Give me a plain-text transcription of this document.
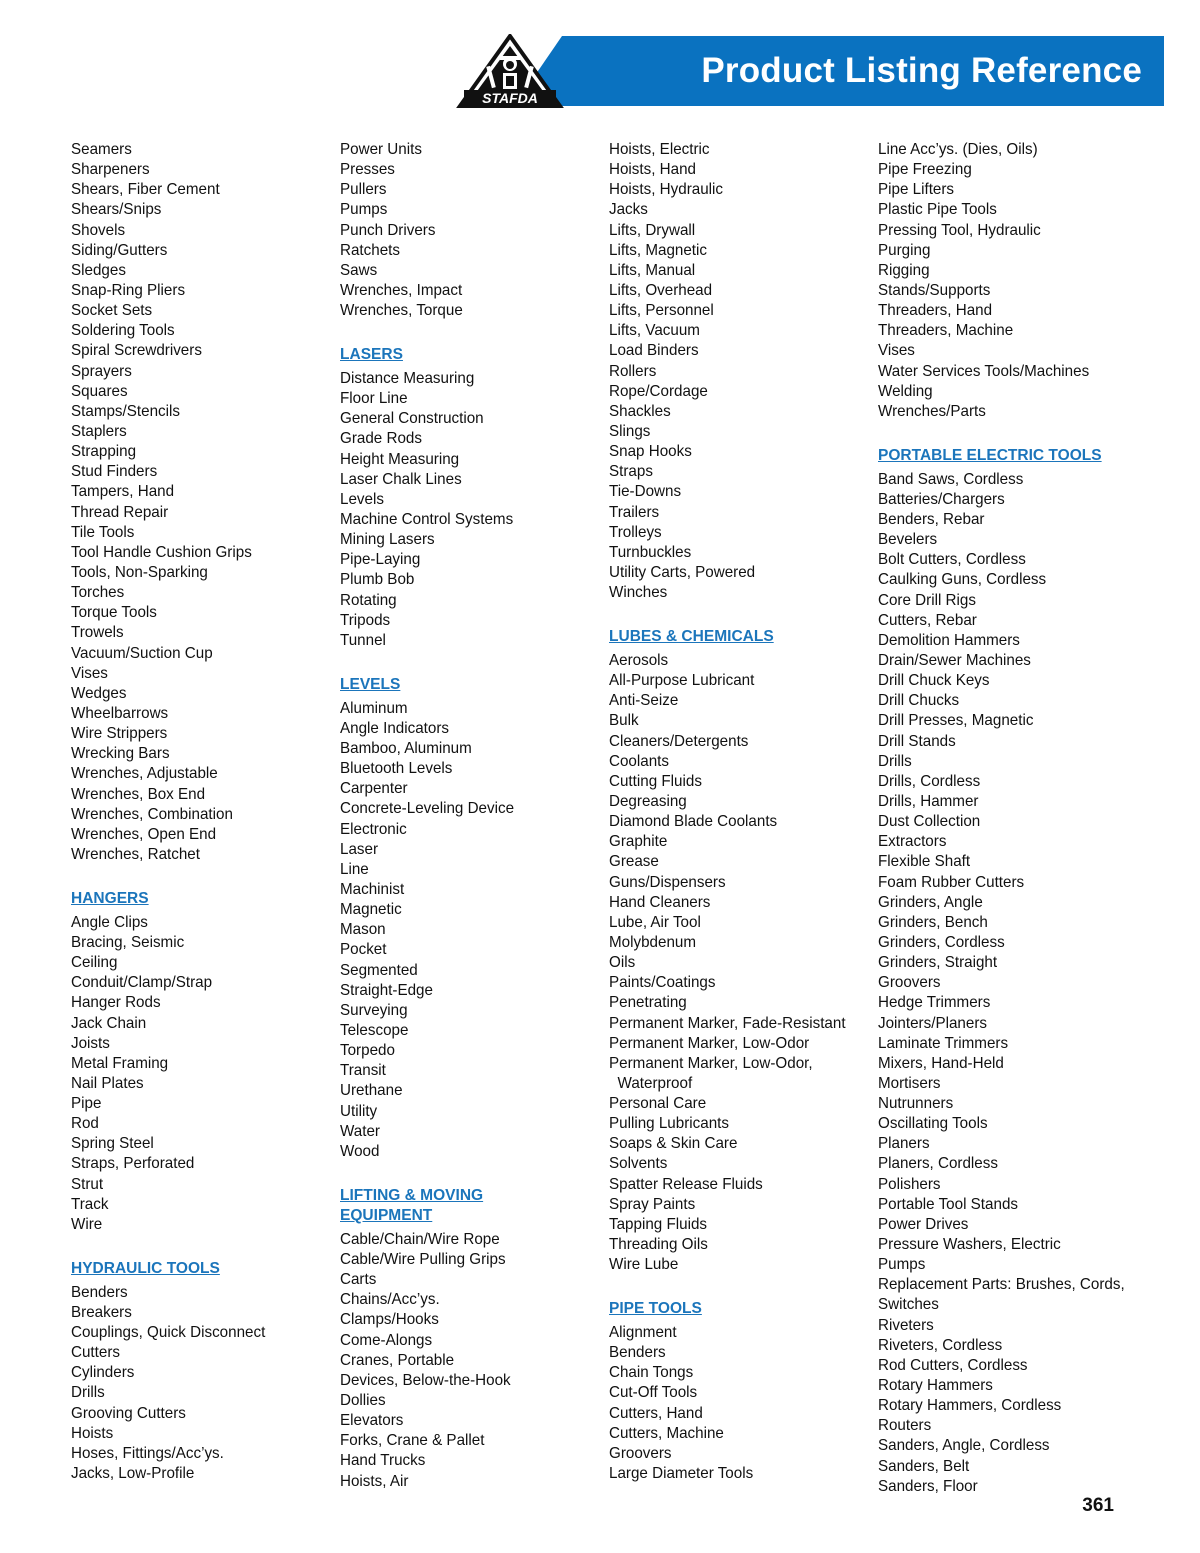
Product Listing Reference
STAFDA
Seamers
Sharpeners
Shears, Fiber Cement
Shears/Snips
Shovels
Siding/Gutters
Sledges
Snap-Ring Pliers
Socket Sets
Soldering Tools
Spiral Screwdrivers
Sprayers
Squares
Stamps/Stencils
Staplers
Strapping
Stud Finders
Tampers, Hand
Thread Repair
Tile Tools
Tool Handle Cushion Grips
Tools, Non-Sparking
Torches
Torque Tools
Trowels
Vacuum/Suction Cup
Vises
Wedges
Wheelbarrows
Wire Strippers
Wrecking Bars
Wrenches, Adjustable
Wrenches, Box End
Wrenches, Combination
Wrenches, Open End
Wrenches, Ratchet
HANGERS
Angle Clips
Bracing, Seismic
Ceiling
Conduit/Clamp/Strap
Hanger Rods
Jack Chain
Joists
Metal Framing
Nail Plates
Pipe
Rod
Spring Steel
Straps, Perforated
Strut
Track
Wire
HYDRAULIC TOOLS
Benders
Breakers
Couplings, Quick Disconnect
Cutters
Cylinders
Drills
Grooving Cutters
Hoists
Hoses, Fittings/Acc’ys.
Jacks, Low-Profile
Power Units
Presses
Pullers
Pumps
Punch Drivers
Ratchets
Saws
Wrenches, Impact
Wrenches, Torque
LASERS
Distance Measuring
Floor Line
General Construction
Grade Rods
Height Measuring
Laser Chalk Lines
Levels
Machine Control Systems
Mining Lasers
Pipe-Laying
Plumb Bob
Rotating
Tripods
Tunnel
LEVELS
Aluminum
Angle Indicators
Bamboo, Aluminum
Bluetooth Levels
Carpenter
Concrete-Leveling Device
Electronic
Laser
Line
Machinist
Magnetic
Mason
Pocket
Segmented
Straight-Edge
Surveying
Telescope
Torpedo
Transit
Urethane
Utility
Water
Wood
LIFTING & MOVING
EQUIPMENT
Cable/Chain/Wire Rope
Cable/Wire Pulling Grips
Carts
Chains/Acc’ys.
Clamps/Hooks
Come-Alongs
Cranes, Portable
Devices, Below-the-Hook
Dollies
Elevators
Forks, Crane & Pallet
Hand Trucks
Hoists, Air
Hoists, Electric
Hoists, Hand
Hoists, Hydraulic
Jacks
Lifts, Drywall
Lifts, Magnetic
Lifts, Manual
Lifts, Overhead
Lifts, Personnel
Lifts, Vacuum
Load Binders
Rollers
Rope/Cordage
Shackles
Slings
Snap Hooks
Straps
Tie-Downs
Trailers
Trolleys
Turnbuckles
Utility Carts, Powered
Winches
LUBES & CHEMICALS
Aerosols
All-Purpose Lubricant
Anti-Seize
Bulk
Cleaners/Detergents
Coolants
Cutting Fluids
Degreasing
Diamond Blade Coolants
Graphite
Grease
Guns/Dispensers
Hand Cleaners
Lube, Air Tool
Molybdenum
Oils
Paints/Coatings
Penetrating
Permanent Marker, Fade-Resistant
Permanent Marker, Low-Odor
Permanent Marker, Low-Odor,
Waterproof
Personal Care
Pulling Lubricants
Soaps & Skin Care
Solvents
Spatter Release Fluids
Spray Paints
Tapping Fluids
Threading Oils
Wire Lube
PIPE TOOLS
Alignment
Benders
Chain Tongs
Cut-Off Tools
Cutters, Hand
Cutters, Machine
Groovers
Large Diameter Tools
Line Acc’ys. (Dies, Oils)
Pipe Freezing
Pipe Lifters
Plastic Pipe Tools
Pressing Tool, Hydraulic
Purging
Rigging
Stands/Supports
Threaders, Hand
Threaders, Machine
Vises
Water Services Tools/Machines
Welding
Wrenches/Parts
PORTABLE ELECTRIC TOOLS
Band Saws, Cordless
Batteries/Chargers
Benders, Rebar
Bevelers
Bolt Cutters, Cordless
Caulking Guns, Cordless
Core Drill Rigs
Cutters, Rebar
Demolition Hammers
Drain/Sewer Machines
Drill Chuck Keys
Drill Chucks
Drill Presses, Magnetic
Drill Stands
Drills
Drills, Cordless
Drills, Hammer
Dust Collection
Extractors
Flexible Shaft
Foam Rubber Cutters
Grinders, Angle
Grinders, Bench
Grinders, Cordless
Grinders, Straight
Groovers
Hedge Trimmers
Jointers/Planers
Laminate Trimmers
Mixers, Hand-Held
Mortisers
Nutrunners
Oscillating Tools
Planers
Planers, Cordless
Polishers
Portable Tool Stands
Power Drives
Pressure Washers, Electric
Pumps
Replacement Parts: Brushes, Cords,
Switches
Riveters
Riveters, Cordless
Rod Cutters, Cordless
Rotary Hammers
Rotary Hammers, Cordless
Routers
Sanders, Angle, Cordless
Sanders, Belt
Sanders, Floor
361
